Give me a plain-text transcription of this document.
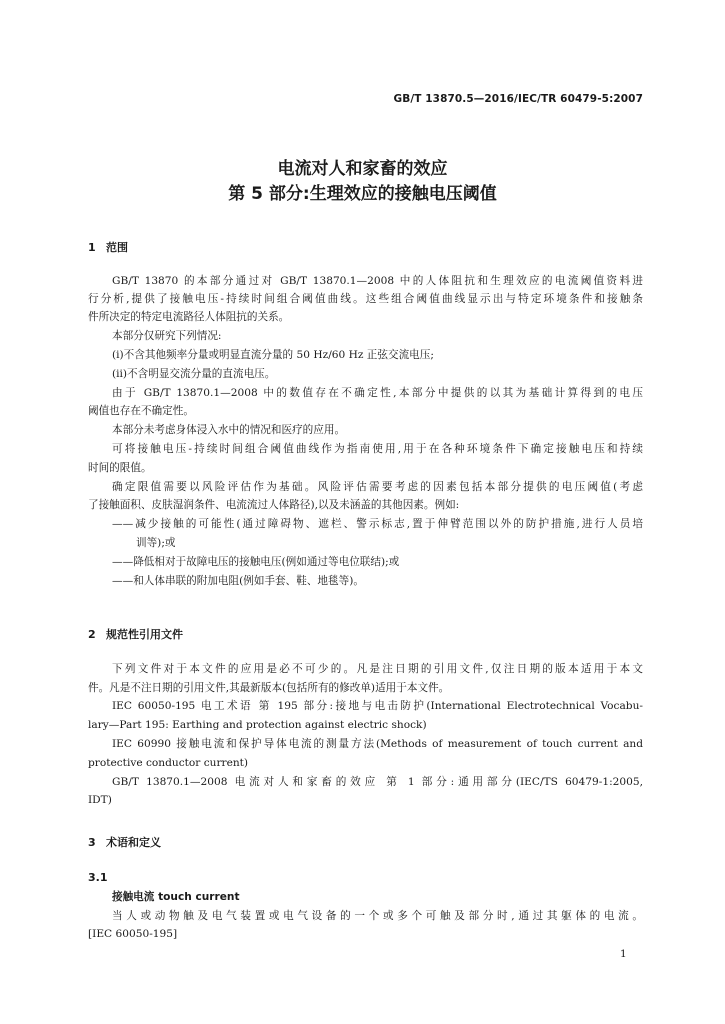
GB/T 13870.5—2016/IEC/TR 60479-5:2007
电流对人和家畜的效应
第 5 部分:生理效应的接触电压阈值
1 范围
GB/T 13870 的本部分通过对 GB/T 13870.1—2008 中的人体阻抗和生理效应的电流阈值资料进
行分析,提供了接触电压-持续时间组合阈值曲线。这些组合阈值曲线显示出与特定环境条件和接触条
件所决定的特定电流路径人体阻抗的关系。
本部分仅研究下列情况:
(ⅰ)不含其他频率分量或明显直流分量的 50 Hz/60 Hz 正弦交流电压;
(ⅱ)不含明显交流分量的直流电压。
由于 GB/T 13870.1—2008 中的数值存在不确定性,本部分中提供的以其为基础计算得到的电压
阈值也存在不确定性。
本部分未考虑身体浸入水中的情况和医疗的应用。
可将接触电压-持续时间组合阈值曲线作为指南使用,用于在各种环境条件下确定接触电压和持续
时间的限值。
确定限值需要以风险评估作为基础。风险评估需要考虑的因素包括本部分提供的电压阈值(考虑
了接触面积、皮肤湿润条件、电流流过人体路径),以及未涵盖的其他因素。例如:
——减少接触的可能性(通过障碍物、遮栏、警示标志,置于伸臂范围以外的防护措施,进行人员培
训等);或
——降低相对于故障电压的接触电压(例如通过等电位联结);或
——和人体串联的附加电阻(例如手套、鞋、地毯等)。
2 规范性引用文件
下列文件对于本文件的应用是必不可少的。凡是注日期的引用文件,仅注日期的版本适用于本文
件。凡是不注日期的引用文件,其最新版本(包括所有的修改单)适用于本文件。
IEC 60050-195 电工术语 第 195 部分:接地与电击防护(International Electrotechnical Vocabu-
lary—Part 195: Earthing and protection against electric shock)
IEC 60990 接触电流和保护导体电流的测量方法(Methods of measurement of touch current and
protective conductor current)
GB/T 13870.1—2008 电流对人和家畜的效应 第 1 部分:通用部分(IEC/TS 60479-1:2005,
IDT)
3 术语和定义
3.1
接触电流 touch current
当人或动物触及电气装置或电气设备的一个或多个可触及部分时,通过其躯体的电流。
[IEC 60050-195]
1
